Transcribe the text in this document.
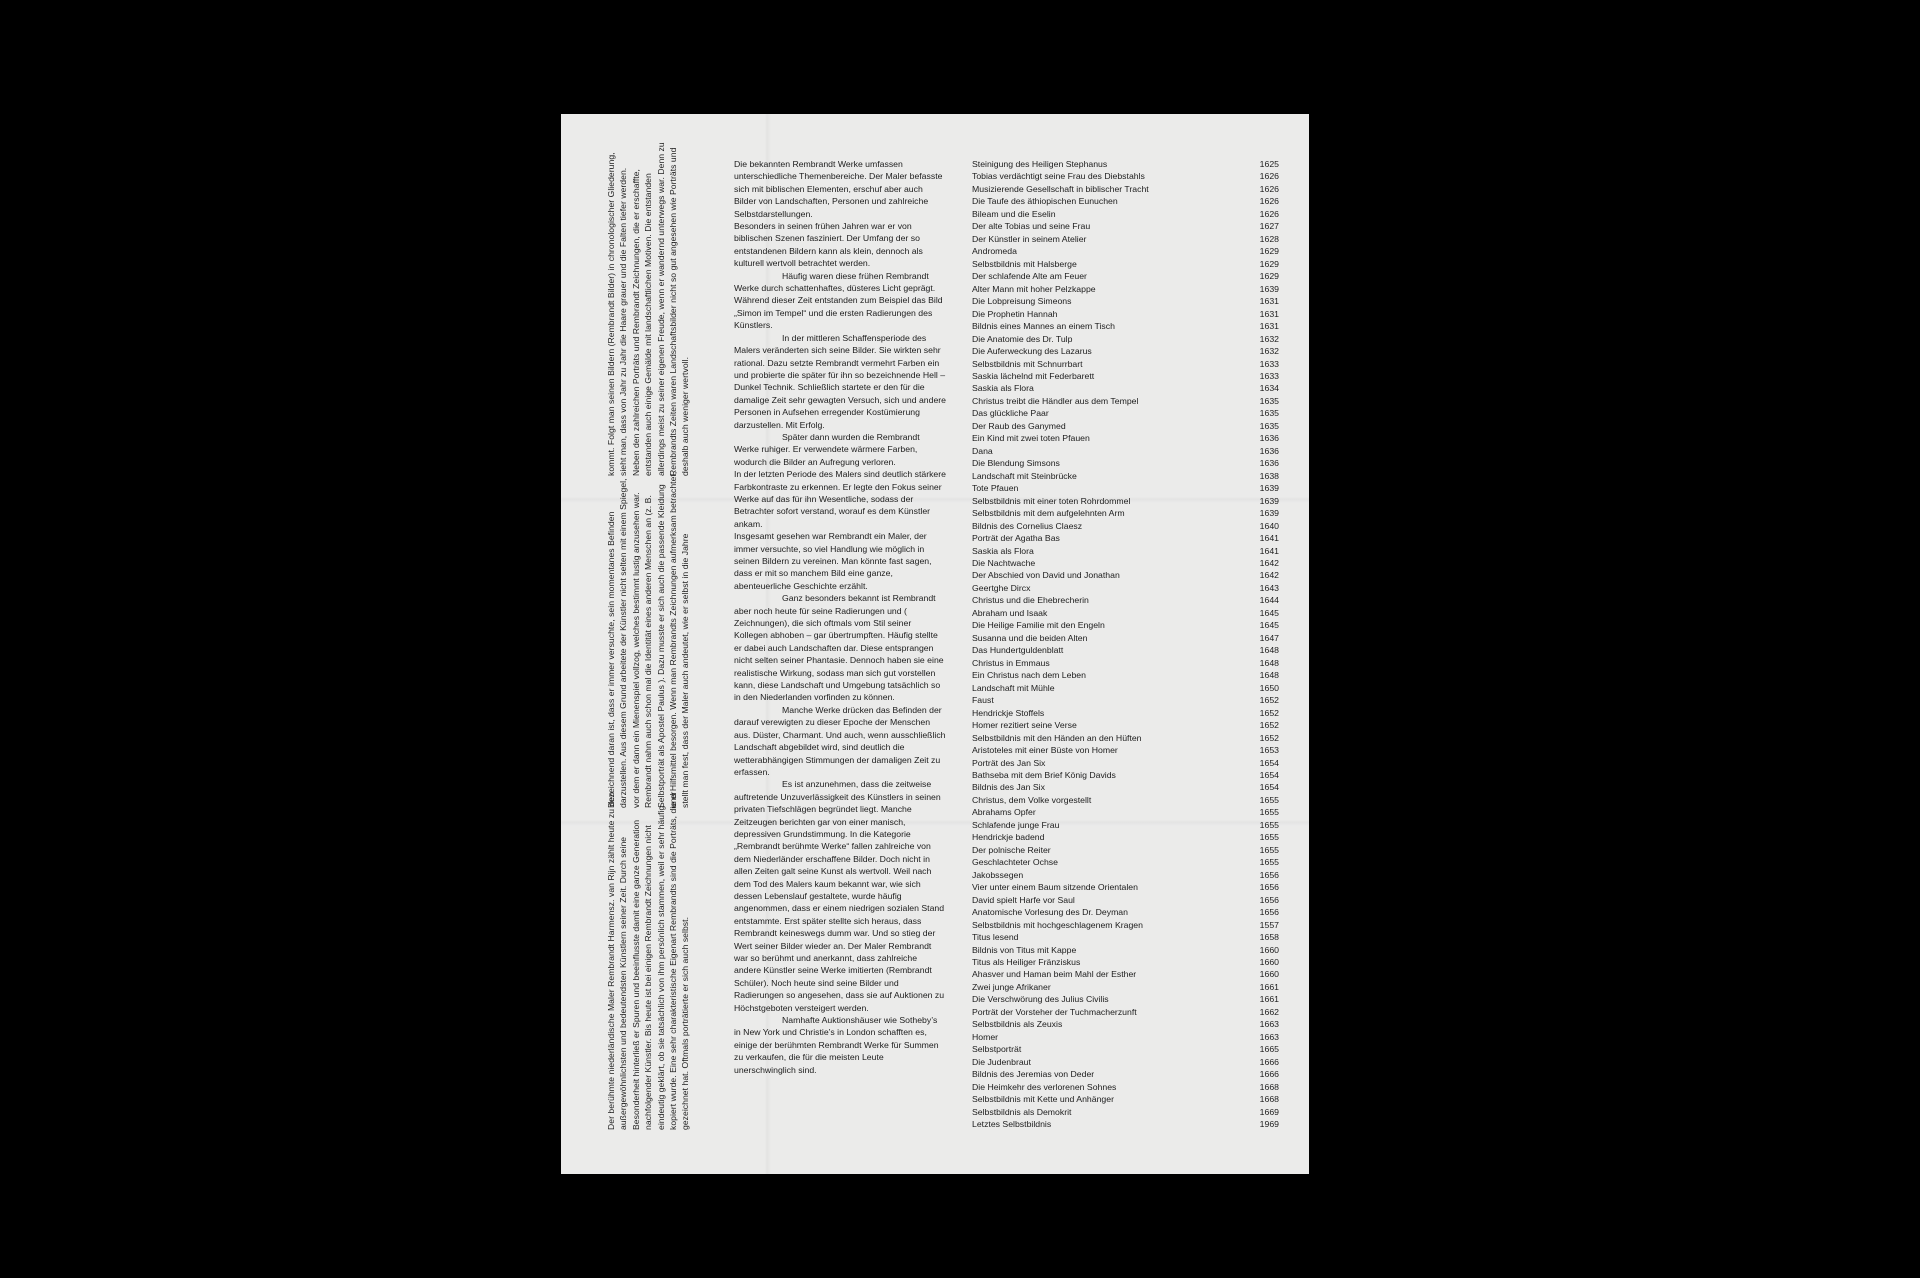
Der berühmte niederländische Maler Rembrandt Harmensz. van Rijn zählt heute zu den außergewöhnlichsten und bedeutendsten Künstlern seiner Zeit. Durch seine Besonderheit hinterließ er Spuren und beeinflusste damit eine ganze Generation nachfolgender Künstler. Bis heute ist bei einigen Rembrandt Zeichnungen nicht eindeutig geklärt, ob sie tatsächlich von ihm persönlich stammen, weil er sehr häufig kopiert wurde. Eine sehr charakteristische Eigenart Rembrandts sind die Porträts, die er gezeichnet hat. Oftmals porträtierte er sich auch selbst.

Bezeichnend daran ist, dass er immer versuchte, sein momentanes Befinden darzustellen. Aus diesem Grund arbeitete der Künstler nicht selten mit einem Spiegel, vor dem er dann ein Mienenspiel vollzog, welches bestimmt lustig anzusehen war. Rembrandt nahm auch schon mal die Identität eines anderen Menschen an (z. B. Selbstporträt als Apostel Paulus ). Dazu musste er sich auch die passende Kleidung und Hilfsmittel besorgen. Wenn man Rembrandts Zeichnungen aufmerksam betrachtet, stellt man fest, dass der Maler auch andeutet, wie er selbst in die Jahre

kommt. Folgt man seinen Bildern (Rembrandt Bilder) in chronologischer Gliederung, sieht man, dass von Jahr zu Jahr die Haare grauer und die Falten tiefer werden. Neben den zahlreichen Porträts und Rembrandt Zeichnungen, die er erschaffte, entstanden auch einige Gemälde mit landschaftlichen Motiven. Die entstanden allerdings meist zu seiner eigenen Freude, wenn er wandernd unterwegs war. Denn zu Rembrandts Zeiten waren Landschaftsbilder nicht so gut angesehen wie Porträts und deshalb auch weniger wertvoll.

Die bekannten Rembrandt Werke umfassen unterschiedliche Themenbereiche. Der Maler befasste sich mit biblischen Elementen, erschuf aber auch Bilder von Landschaften, Personen und zahlreiche Selbstdarstellungen.

Besonders in seinen frühen Jahren war er von biblischen Szenen fasziniert. Der Umfang der so entstandenen Bildern kann als klein, dennoch als kulturell wertvoll betrachtet werden.

Häufig waren diese frühen Rembrandt Werke durch schattenhaftes, düsteres Licht geprägt. Während dieser Zeit entstanden zum Beispiel das Bild „Simon im Tempel“ und die ersten Radierungen des Künstlers.

In der mittleren Schaffensperiode des Malers veränderten sich seine Bilder. Sie wirkten sehr rational. Dazu setzte Rembrandt vermehrt Farben ein und probierte die später für ihn so bezeichnende Hell – Dunkel Technik. Schließlich startete er den für die damalige Zeit sehr gewagten Versuch, sich und andere Personen in Aufsehen erregender Kostümierung darzustellen. Mit Erfolg.

Später dann wurden die Rembrandt Werke ruhiger. Er verwendete wärmere Farben, wodurch die Bilder an Aufregung verloren.

In der letzten Periode des Malers sind deutlich stärkere Farbkontraste zu erkennen. Er legte den Fokus seiner Werke auf das für ihn Wesentliche, sodass der Betrachter sofort verstand, worauf es dem Künstler ankam.

Insgesamt gesehen war Rembrandt ein Maler, der immer versuchte, so viel Handlung wie möglich in seinen Bildern zu vereinen. Man könnte fast sagen, dass er mit so manchem Bild eine ganze, abenteuerliche Geschichte erzählt.

Ganz besonders bekannt ist Rembrandt aber noch heute für seine Radierungen und ( Zeichnungen), die sich oftmals vom Stil seiner Kollegen abhoben – gar übertrumpften. Häufig stellte er dabei auch Landschaften dar. Diese entsprangen nicht selten seiner Phantasie. Dennoch haben sie eine realistische Wirkung, sodass man sich gut vorstellen kann, diese Landschaft und Umgebung tatsächlich so in den Niederlanden vorfinden zu können.

Manche Werke drücken das Befinden der darauf verewigten zu dieser Epoche der Menschen aus. Düster, Charmant. Und auch, wenn ausschließlich Landschaft abgebildet wird, sind deutlich die wetterabhängigen Stimmungen der damaligen Zeit zu erfassen.

Es ist anzunehmen, dass die zeitweise auftretende Unzuverlässigkeit des Künstlers in seinen privaten Tiefschlägen begründet liegt. Manche Zeitzeugen berichten gar von einer manisch, depressiven Grundstimmung. In die Kategorie „Rembrandt berühmte Werke“ fallen zahlreiche von dem Niederländer erschaffene Bilder. Doch nicht in allen Zeiten galt seine Kunst als wertvoll. Weil nach dem Tod des Malers kaum bekannt war, wie sich dessen Lebenslauf gestaltete, wurde häufig angenommen, dass er einem niedrigen sozialen Stand entstammte. Erst später stellte sich heraus, dass Rembrandt keineswegs dumm war. Und so stieg der Wert seiner Bilder wieder an. Der Maler Rembrandt war so berühmt und anerkannt, dass zahlreiche andere Künstler seine Werke imitierten (Rembrandt Schüler). Noch heute sind seine Bilder und Radierungen so angesehen, dass sie auf Auktionen zu Höchstgeboten versteigert werden.

Namhafte Auktionshäuser wie Sotheby’s in New York und Christie’s in London schafften es, einige der berühmten Rembrandt Werke für Summen zu verkaufen, die für die meisten Leute unerschwinglich sind.

Steinigung des Heiligen Stephanus	1625
Tobias verdächtigt seine Frau des Diebstahls	1626
Musizierende Gesellschaft in biblischer Tracht	1626
Die Taufe des äthiopischen Eunuchen	1626
Bileam und die Eselin	1626
Der alte Tobias und seine Frau	1627
Der Künstler in seinem Atelier	1628
Andromeda	1629
Selbstbildnis mit Halsberge	1629
Der schlafende Alte am Feuer	1629
Alter Mann mit hoher Pelzkappe	1639
Die Lobpreisung Simeons	1631
Die Prophetin Hannah	1631
Bildnis eines Mannes an einem Tisch	1631
Die Anatomie des Dr. Tulp	1632
Die Auferweckung des Lazarus	1632
Selbstbildnis mit Schnurrbart	1633
Saskia lächelnd mit Federbarett	1633
Saskia als Flora	1634
Christus treibt die Händler aus dem Tempel	1635
Das glückliche Paar	1635
Der Raub des Ganymed	1635
Ein Kind mit zwei toten Pfauen	1636
Dana	1636
Die Blendung Simsons	1636
Landschaft mit Steinbrücke	1638
Tote Pfauen	1639
Selbstbildnis mit einer toten Rohrdommel	1639
Selbstbildnis mit dem aufgelehnten Arm	1639
Bildnis des Cornelius Claesz	1640
Porträt der Agatha Bas	1641
Saskia als Flora	1641
Die Nachtwache	1642
Der Abschied von David und Jonathan	1642
Geertghe Dircx	1643
Christus und die Ehebrecherin	1644
Abraham und Isaak	1645
Die Heilige Familie mit den Engeln	1645
Susanna und die beiden Alten	1647
Das Hundertguldenblatt	1648
Christus in Emmaus	1648
Ein Christus nach dem Leben	1648
Landschaft mit Mühle	1650
Faust	1652
Hendrickje Stoffels	1652
Homer rezitiert seine Verse	1652
Selbstbildnis mit den Händen an den Hüften	1652
Aristoteles mit einer Büste von Homer	1653
Porträt des Jan Six	1654
Bathseba mit dem Brief König Davids	1654
Bildnis des Jan Six	1654
Christus, dem Volke vorgestellt	1655
Abrahams Opfer	1655
Schlafende junge Frau	1655
Hendrickje badend	1655
Der polnische Reiter	1655
Geschlachteter Ochse	1655
Jakobssegen	1656
Vier unter einem Baum sitzende Orientalen	1656
David spielt Harfe vor Saul	1656
Anatomische Vorlesung des Dr. Deyman	1656
Selbstbildnis mit hochgeschlagenem Kragen	1557
Titus lesend	1658
Bildnis von Titus mit Kappe	1660
Titus als Heiliger Fränziskus	1660
Ahasver und Haman beim Mahl der Esther	1660
Zwei junge Afrikaner	1661
Die Verschwörung des Julius Civilis	1661
Porträt der Vorsteher der Tuchmacherzunft	1662
Selbstbildnis als Zeuxis	1663
Homer	1663
Selbstporträt	1665
Die Judenbraut	1666
Bildnis des Jeremias von Deder	1666
Die Heimkehr des verlorenen Sohnes	1668
Selbstbildnis mit Kette und Anhänger	1668
Selbstbildnis als Demokrit	1669
Letztes Selbstbildnis	1969
